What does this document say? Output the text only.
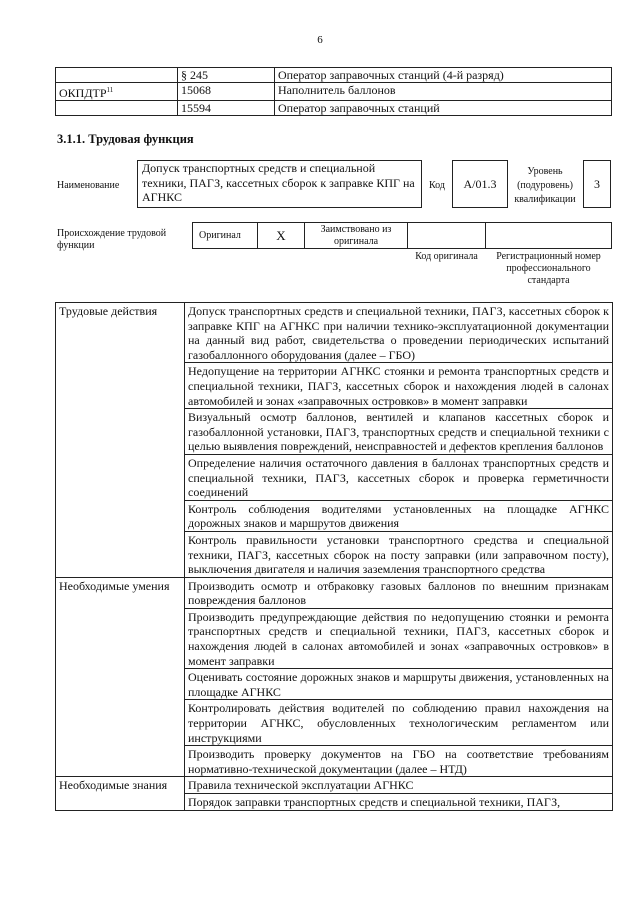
6
	§ 245	Оператор заправочных станций (4-й разряд)
ОКПДТР$^{11}$	15068	Наполнитель баллонов
	15594	Оператор заправочных станций
3.1.1. Трудовая функция
Наименование
Допуск транспортных средств и специальной техники, ПАГЗ, кассетных сборок к заправке КПГ на АГНКС
Код	А/01.3
Уровень (подуровень) квалификации
3
Происхождение трудовой функции
Оригинал	Х	Заимствовано из оригинала
Код оригинала	Регистрационный номер профессионального стандарта
Трудовые действия	Допуск транспортных средств и специальной техники, ПАГЗ, кассетных сборок к заправке КПГ на АГНКС при наличии технико-эксплуатационной документации на данный вид работ, свидетельства о проведении периодических испытаний газобаллонного оборудования (далее – ГБО)
	Недопущение на территории АГНКС стоянки и ремонта транспортных средств и специальной техники, ПАГЗ, кассетных сборок и нахождения людей в салонах автомобилей и зонах «заправочных островков» в момент заправки
	Визуальный осмотр баллонов, вентилей и клапанов кассетных сборок и газобаллонной установки, ПАГЗ, транспортных средств и специальной техники с целью выявления повреждений, неисправностей и дефектов крепления баллонов
	Определение наличия остаточного давления в баллонах транспортных средств и специальной техники, ПАГЗ, кассетных сборок и проверка герметичности соединений
	Контроль соблюдения водителями установленных на площадке АГНКС дорожных знаков и маршрутов движения
	Контроль правильности установки транспортного средства и специальной техники, ПАГЗ, кассетных сборок на посту заправки (или заправочном посту), выключения двигателя и наличия заземления транспортного средства
Необходимые умения	Производить осмотр и отбраковку газовых баллонов по внешним признакам повреждения баллонов
	Производить предупреждающие действия по недопущению стоянки и ремонта транспортных средств и специальной техники, ПАГЗ, кассетных сборок и нахождения людей в салонах автомобилей и зонах «заправочных островков» в момент заправки
	Оценивать состояние дорожных знаков и маршруты движения, установленных на площадке АГНКС
	Контролировать действия водителей по соблюдению правил нахождения на территории АГНКС, обусловленных технологическим регламентом или инструкциями
	Производить проверку документов на ГБО на соответствие требованиям нормативно-технической документации (далее – НТД)
Необходимые знания	Правила технической эксплуатации АГНКС
	Порядок заправки транспортных средств и специальной техники, ПАГЗ,
